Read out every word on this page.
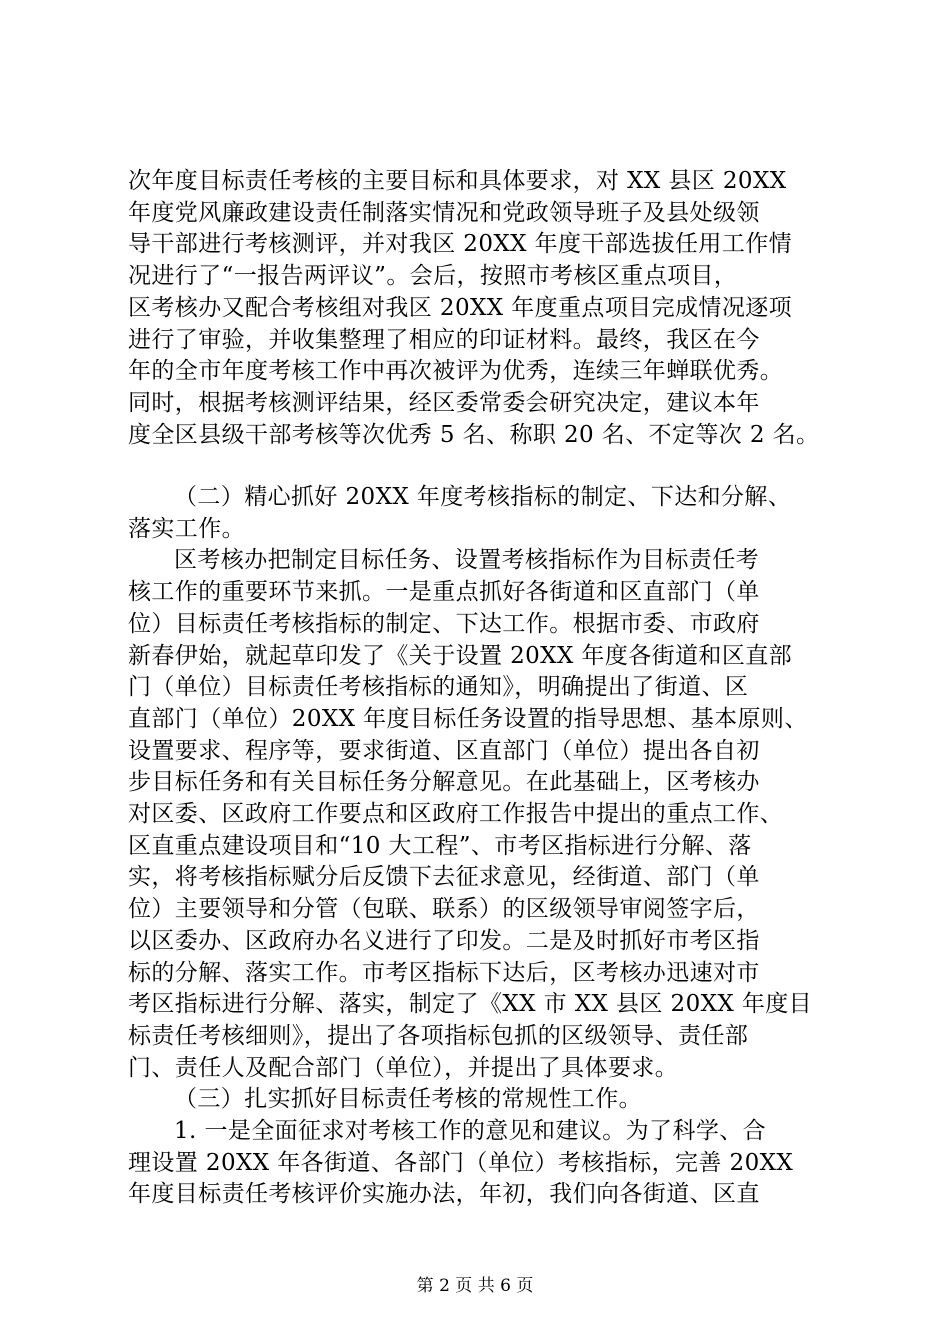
次年度目标责任考核的主要目标和具体要求，对 XX 县区 20XX

年度党风廉政建设责任制落实情况和党政领导班子及县处级领

导干部进行考核测评，并对我区 20XX 年度干部选拔任用工作情

况进行了“一报告两评议”。会后，按照市考核区重点项目，

区考核办又配合考核组对我区 20XX 年度重点项目完成情况逐项

进行了审验，并收集整理了相应的印证材料。最终，我区在今

年的全市年度考核工作中再次被评为优秀，连续三年蝉联优秀。

同时，根据考核测评结果，经区委常委会研究决定，建议本年

度全区县级干部考核等次优秀 5 名、称职 20 名、不定等次 2 名。

（二）精心抓好 20XX 年度考核指标的制定、下达和分解、

落实工作。

区考核办把制定目标任务、设置考核指标作为目标责任考

核工作的重要环节来抓。一是重点抓好各街道和区直部门（单

位）目标责任考核指标的制定、下达工作。根据市委、市政府

新春伊始，就起草印发了《关于设置 20XX 年度各街道和区直部

门（单位）目标责任考核指标的通知》，明确提出了街道、区

直部门（单位）20XX 年度目标任务设置的指导思想、基本原则、

设置要求、程序等，要求街道、区直部门（单位）提出各自初

步目标任务和有关目标任务分解意见。在此基础上，区考核办

对区委、区政府工作要点和区政府工作报告中提出的重点工作、

区直重点建设项目和“10 大工程”、市考区指标进行分解、落

实，将考核指标赋分后反馈下去征求意见，经街道、部门（单

位）主要领导和分管（包联、联系）的区级领导审阅签字后，

以区委办、区政府办名义进行了印发。二是及时抓好市考区指

标的分解、落实工作。市考区指标下达后，区考核办迅速对市

考区指标进行分解、落实，制定了《XX 市 XX 县区 20XX 年度目

标责任考核细则》，提出了各项指标包抓的区级领导、责任部

门、责任人及配合部门（单位），并提出了具体要求。

（三）扎实抓好目标责任考核的常规性工作。

1. 一是全面征求对考核工作的意见和建议。为了科学、合

理设置 20XX 年各街道、各部门（单位）考核指标，完善 20XX

年度目标责任考核评价实施办法，年初，我们向各街道、区直

第 2 页 共 6 页
